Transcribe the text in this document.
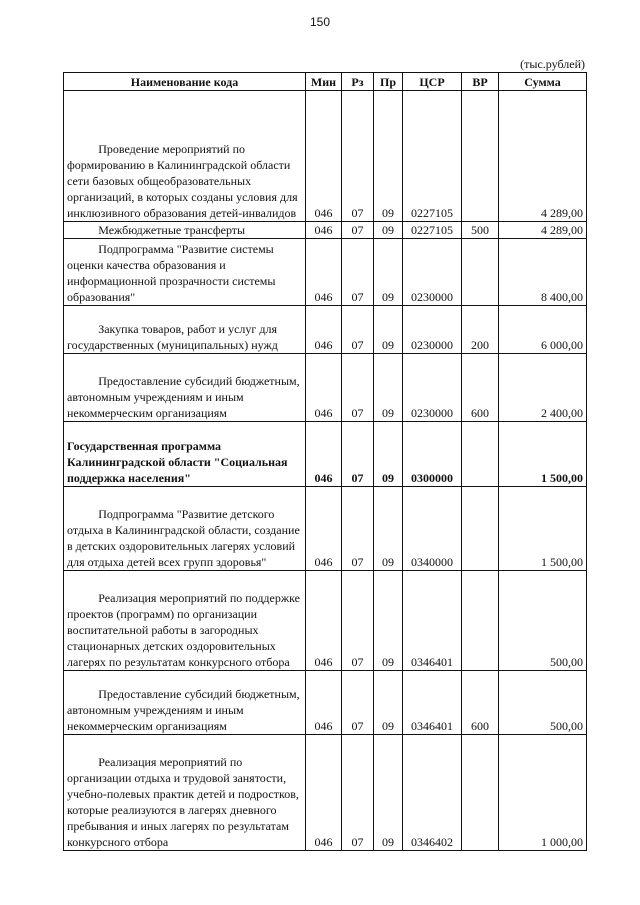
150
(тыс.рублей)
Наименование кода	Мин	Рз	Пр	ЦСР	ВР	Сумма

Проведение мероприятий по формированию в Калининградской области сети базовых общеобразовательных организаций, в которых созданы условия для инклюзивного образования детей-инвалидов	046	07	09	0227105		4 289,00

Межбюджетные трансферты	046	07	09	0227105	500	4 289,00

Подпрограмма "Развитие системы оценки качества образования и информационной прозрачности системы образования"	046	07	09	0230000		8 400,00

Закупка товаров, работ и услуг для государственных (муниципальных) нужд	046	07	09	0230000	200	6 000,00

Предоставление субсидий бюджетным, автономным учреждениям и иным некоммерческим организациям	046	07	09	0230000	600	2 400,00

Государственная программа Калининградской области "Социальная поддержка населения"	046	07	09	0300000		1 500,00

Подпрограмма "Развитие детского отдыха в Калининградской области, создание в детских оздоровительных лагерях условий для отдыха детей всех групп здоровья"	046	07	09	0340000		1 500,00

Реализация мероприятий по поддержке проектов (программ) по организации воспитательной работы в загородных стационарных детских оздоровительных лагерях по результатам конкурсного отбора	046	07	09	0346401		500,00

Предоставление субсидий бюджетным, автономным учреждениям и иным некоммерческим организациям	046	07	09	0346401	600	500,00

Реализация мероприятий по организации отдыха и трудовой занятости, учебно-полевых практик детей и подростков, которые реализуются в лагерях дневного пребывания и иных лагерях по результатам конкурсного отбора	046	07	09	0346402		1 000,00
